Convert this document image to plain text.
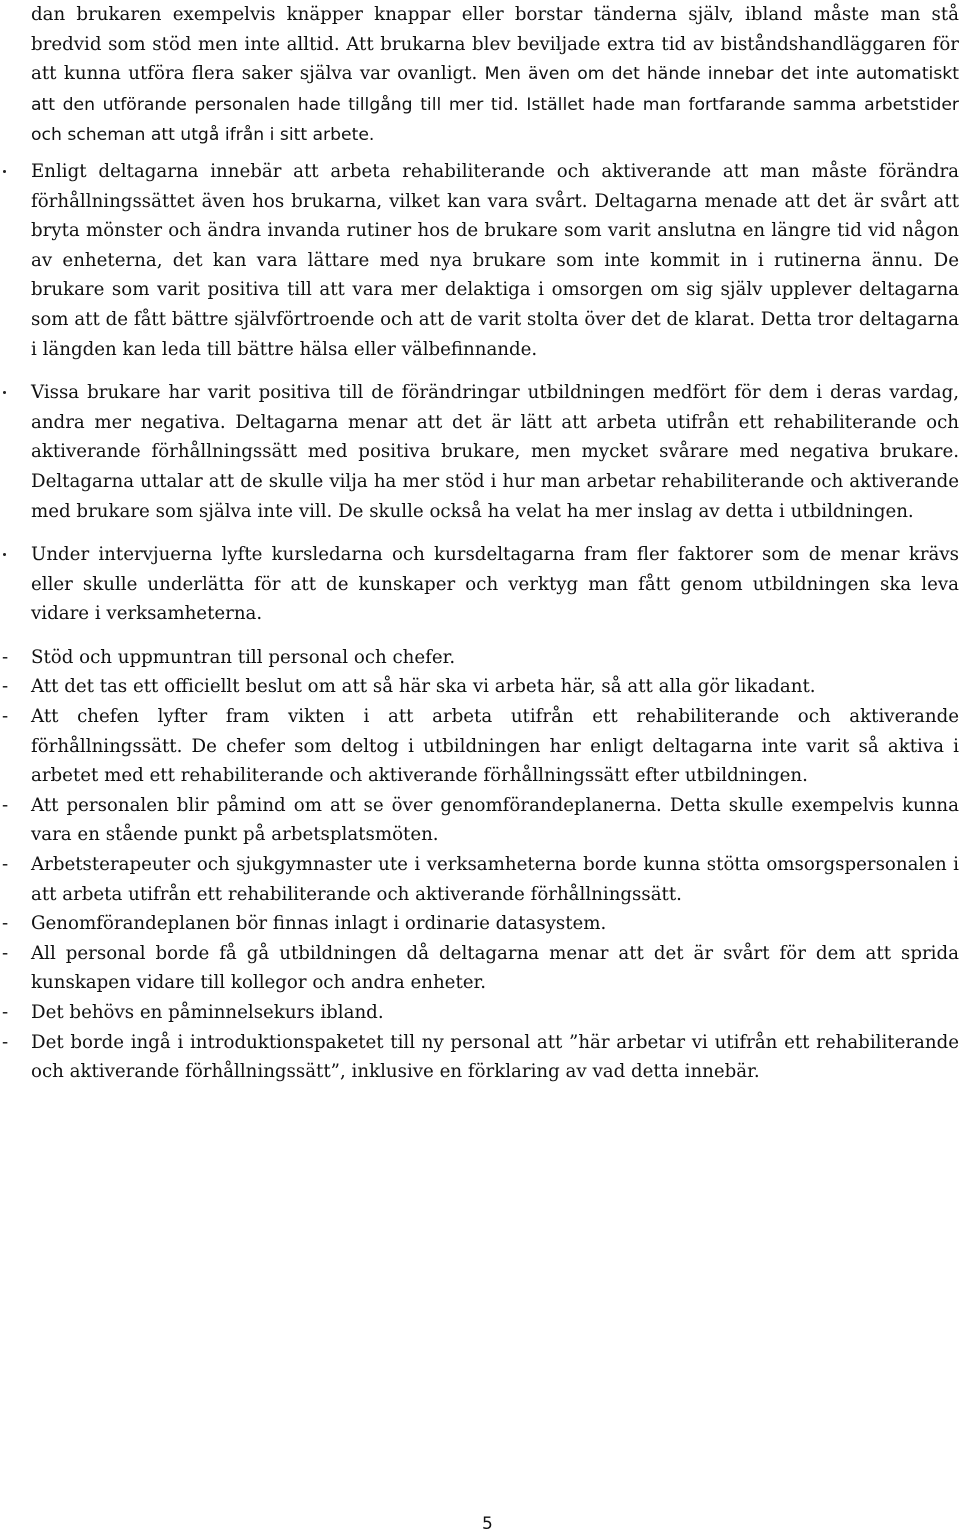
dan brukaren exempelvis knäpper knappar eller borstar tänderna själv, ibland måste man stå bredvid som stöd men inte alltid. Att brukarna blev beviljade extra tid av biståndshandläggaren för att kunna utföra flera saker själva var ovanligt. Men även om det hände innebar det inte automatiskt att den utförande personalen hade tillgång till mer tid. Istället hade man fortfarande samma arbetstider och scheman att utgå ifrån i sitt arbete.

Enligt deltagarna innebär att arbeta rehabiliterande och aktiverande att man måste förändra förhållningssättet även hos brukarna, vilket kan vara svårt. Deltagarna menade att det är svårt att bryta mönster och ändra invanda rutiner hos de brukare som varit anslutna en längre tid vid någon av enheterna, det kan vara lättare med nya brukare som inte kommit in i rutinerna ännu. De brukare som varit positiva till att vara mer delaktiga i omsorgen om sig själv upplever deltagarna som att de fått bättre självförtroende och att de varit stolta över det de klarat. Detta tror deltagarna i längden kan leda till bättre hälsa eller välbefinnande.

Vissa brukare har varit positiva till de förändringar utbildningen medfört för dem i deras vardag, andra mer negativa. Deltagarna menar att det är lätt att arbeta utifrån ett rehabiliterande och aktiverande förhållningssätt med positiva brukare, men mycket svårare med negativa brukare. Deltagarna uttalar att de skulle vilja ha mer stöd i hur man arbetar rehabiliterande och aktiverande med brukare som själva inte vill. De skulle också ha velat ha mer inslag av detta i utbildningen.

Under intervjuerna lyfte kursledarna och kursdeltagarna fram fler faktorer som de menar krävs eller skulle underlätta för att de kunskaper och verktyg man fått genom utbildningen ska leva vidare i verksamheterna.

- Stöd och uppmuntran till personal och chefer.
- Att det tas ett officiellt beslut om att så här ska vi arbeta här, så att alla gör likadant.
- Att chefen lyfter fram vikten i att arbeta utifrån ett rehabiliterande och aktiverande förhållningssätt. De chefer som deltog i utbildningen har enligt deltagarna inte varit så aktiva i arbetet med ett rehabiliterande och aktiverande förhållningssätt efter utbildningen.
- Att personalen blir påmind om att se över genomförandeplanerna. Detta skulle exempelvis kunna vara en stående punkt på arbetsplatsmöten.
- Arbetsterapeuter och sjukgymnaster ute i verksamheterna borde kunna stötta omsorgspersonalen i att arbeta utifrån ett rehabiliterande och aktiverande förhållningssätt.
- Genomförandeplanen bör finnas inlagt i ordinarie datasystem.
- All personal borde få gå utbildningen då deltagarna menar att det är svårt för dem att sprida kunskapen vidare till kollegor och andra enheter.
- Det behövs en påminnelsekurs ibland.
- Det borde ingå i introduktionspaketet till ny personal att ”här arbetar vi utifrån ett rehabiliterande och aktiverande förhållningssätt”, inklusive en förklaring av vad detta innebär.
5
